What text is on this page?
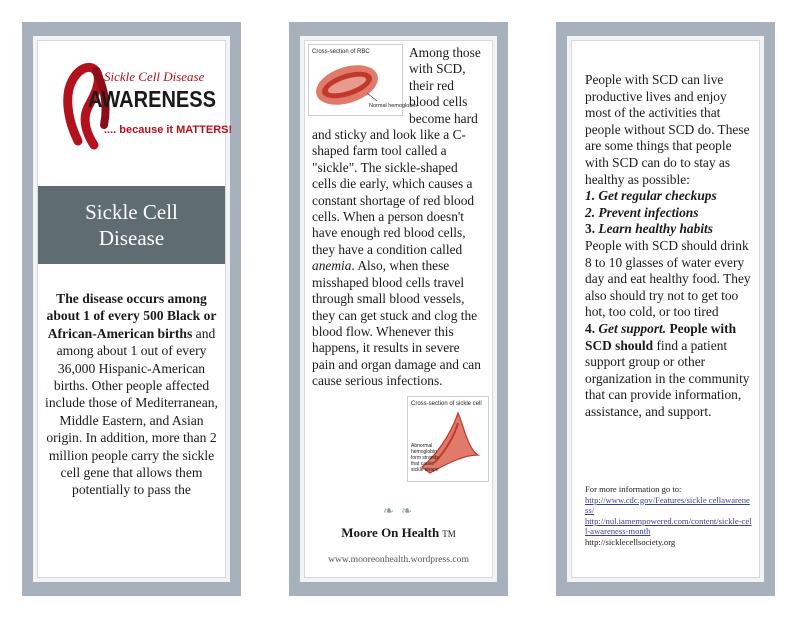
Sickle Cell Disease
AWARENESS
.... because it MATTERS!
Sickle Cell
Disease
The disease occurs among about 1 of every 500 Black or African-American births and among about 1 out of every 36,000 Hispanic-American births. Other people affected include those of Mediterranean, Middle Eastern, and Asian origin. In addition, more than 2 million people carry the sickle cell gene that allows them potentially to pass the
Cross-section of RBC
Normal hemoglobin
Among those with SCD, their red blood cells become hard and sticky and look like a C-shaped farm tool called a "sickle". The sickle-shaped cells die early, which causes a constant shortage of red blood cells. When a person doesn't have enough red blood cells, they have a condition called anemia. Also, when these misshaped blood cells travel through small blood vessels, they can get stuck and clog the blood flow. Whenever this happens, it results in severe pain and organ damage and can cause serious infections.
Cross-section of sickle cell
Abnormal hemoglobin form strands that cause sickle shape
❧ ❧
Moore On Health TM
www.mooreonhealth.wordpress.com
People with SCD can live productive lives and enjoy most of the activities that people without SCD do. These are some things that people with SCD can do to stay as healthy as possible:
1. Get regular checkups
2. Prevent infections
3. Learn healthy habits
People with SCD should drink 8 to 10 glasses of water every day and eat healthy food. They also should try not to get too hot, too cold, or too tired
4. Get support. People with SCD should find a patient support group or other organization in the community that can provide information, assistance, and support.
For more information go to:
http://www.cdc.gov/Features/sickle cellawareness/
http://nul.iamempowered.com/content/sickle-cell-awareness-month
http://sicklecellsociety.org
